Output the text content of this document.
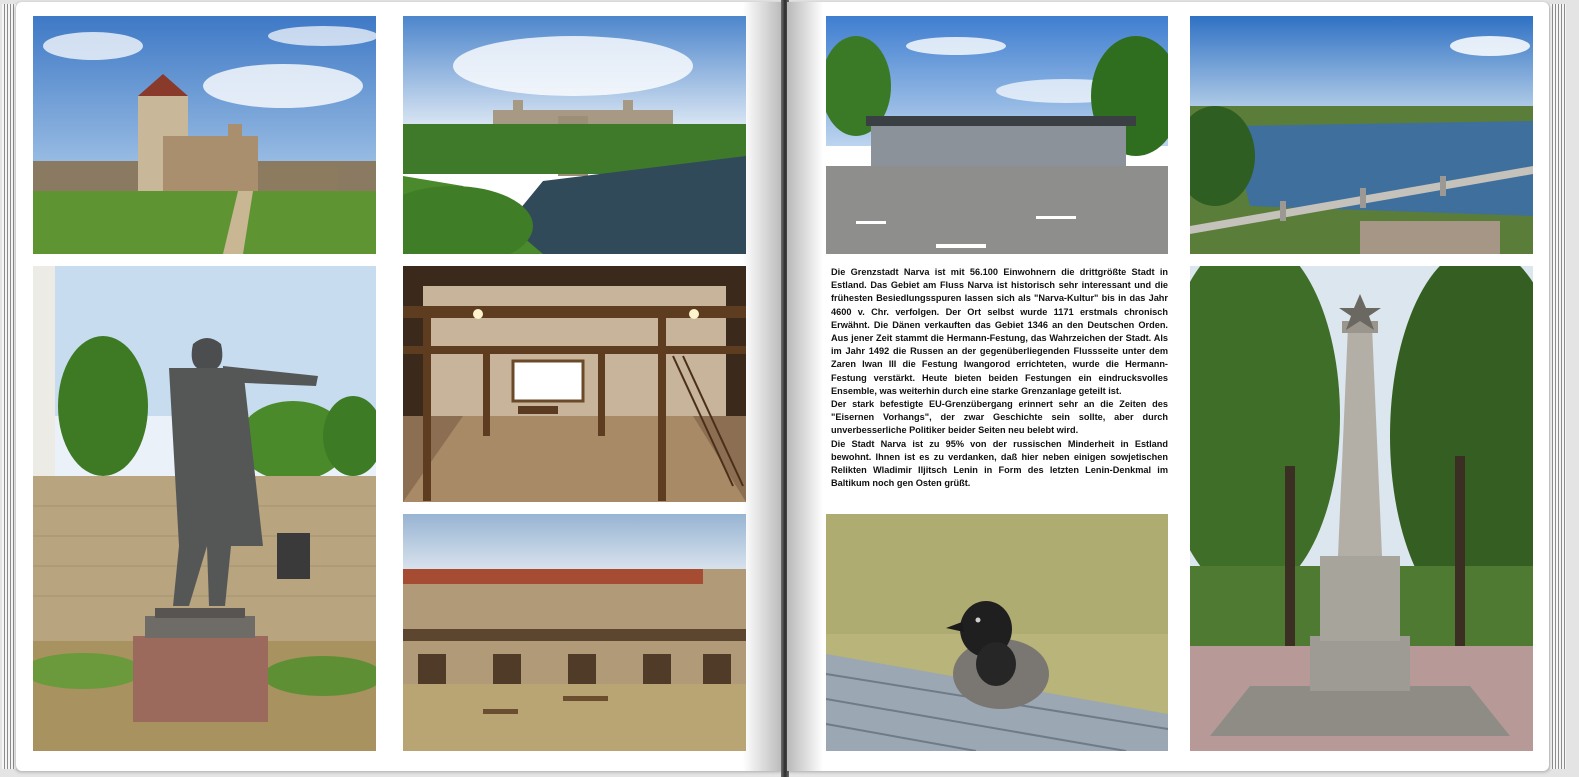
Die Grenzstadt Narva ist mit 56.100 Einwohnern die drittgrößte Stadt in Estland. Das Gebiet am Fluss Narva ist historisch sehr interessant und die frühesten Besiedlungsspuren lassen sich als "Narva-Kultur" bis in das Jahr 4600 v. Chr. verfolgen. Der Ort selbst wurde 1171 erstmals chronisch Erwähnt. Die Dänen verkauften das Gebiet 1346 an den Deutschen Orden. Aus jener Zeit stammt die Hermann-Festung, das Wahrzeichen der Stadt. Als im Jahr 1492 die Russen an der gegenüberliegenden Flussseite unter dem Zaren Iwan III die Festung Iwangorod errichteten, wurde die Hermann-Festung verstärkt. Heute bieten beiden Festungen ein eindrucksvolles Ensemble, was weiterhin durch eine starke Grenzanlage geteilt ist.

Der stark befestigte EU-Grenzübergang erinnert sehr an die Zeiten des "Eisernen Vorhangs", der zwar Geschichte sein sollte, aber durch unverbesserliche Politiker beider Seiten neu belebt wird.

Die Stadt Narva ist zu 95% von der russischen Minderheit in Estland bewohnt. Ihnen ist es zu verdanken, daß hier neben einigen sowjetischen Relikten Wladimir Iljitsch Lenin in Form des letzten Lenin-Denkmal im Baltikum noch gen Osten grüßt.
